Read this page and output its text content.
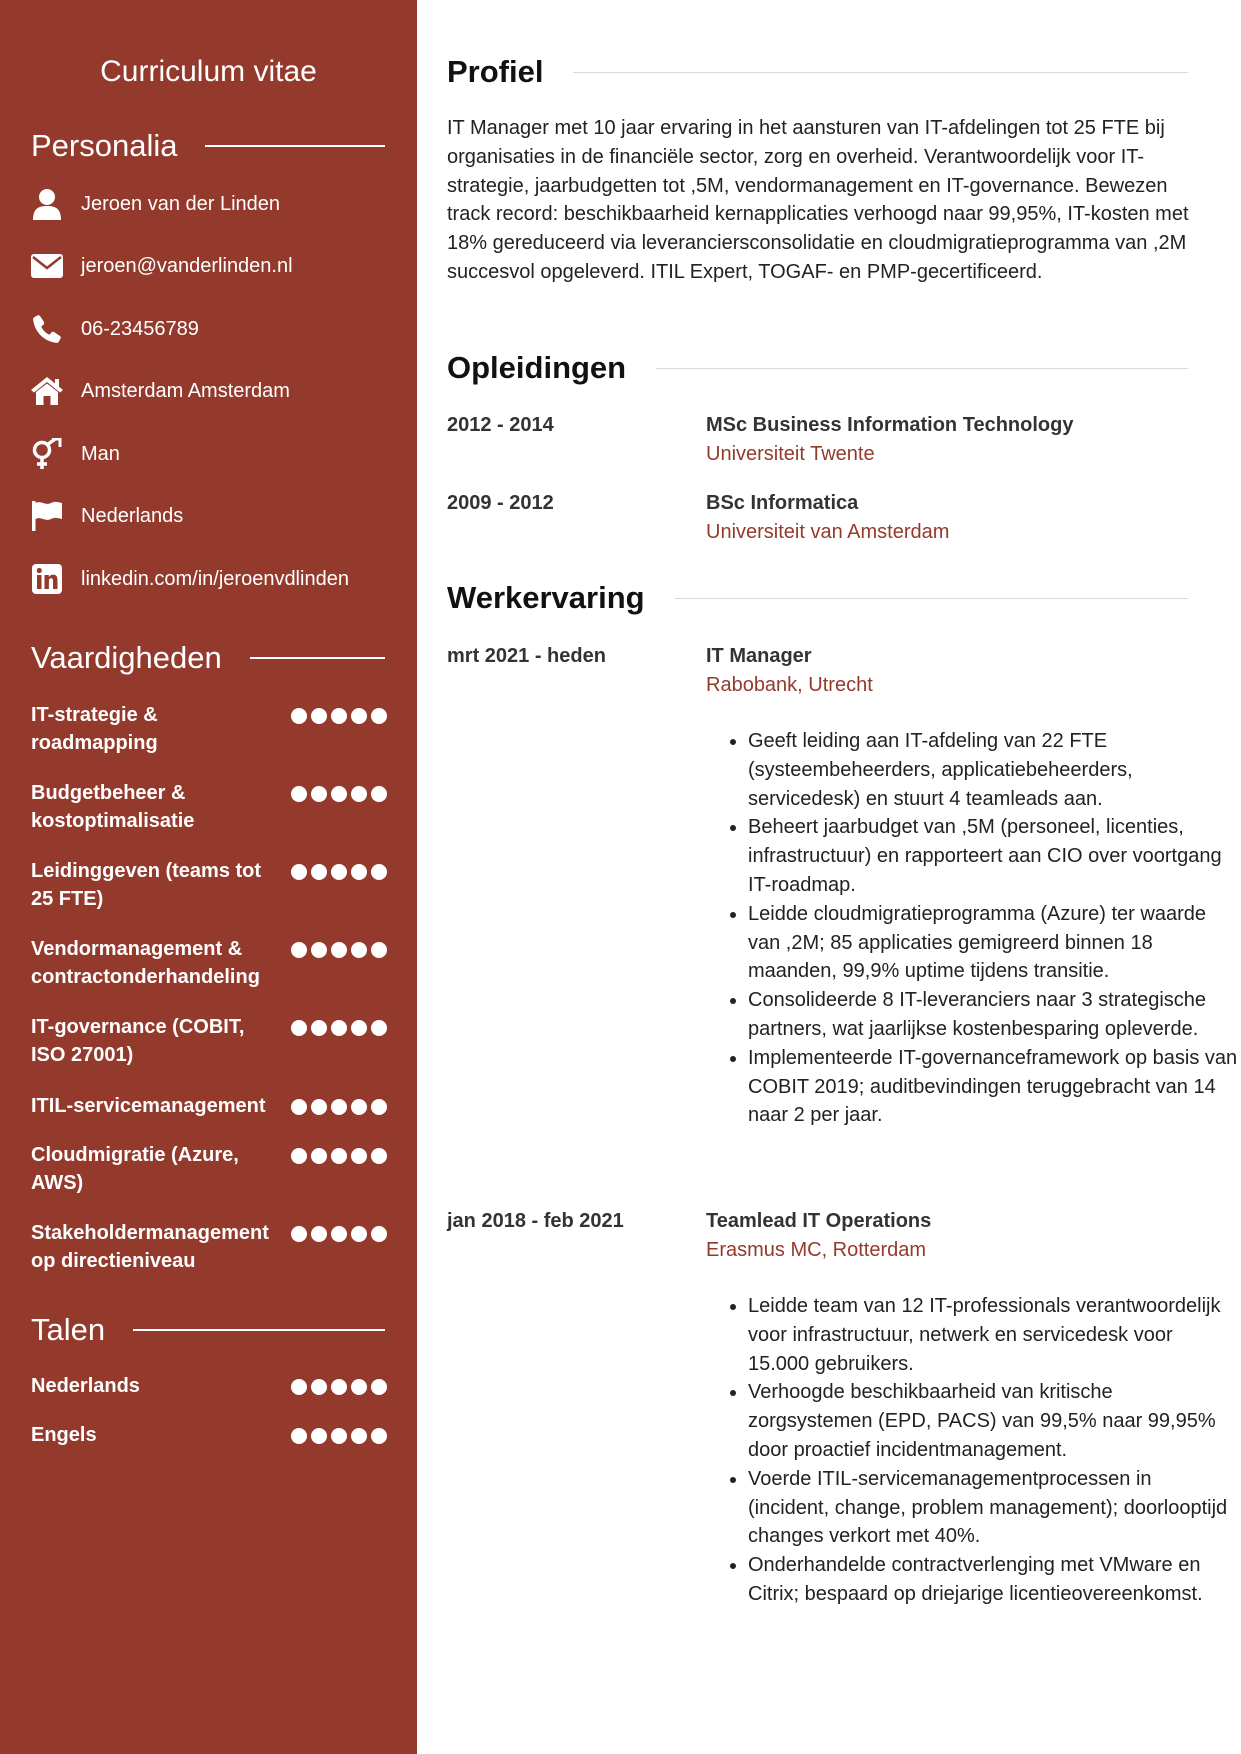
Curriculum vitae
Personalia
Jeroen van der Linden
jeroen@vanderlinden.nl
06-23456789
Amsterdam Amsterdam
Man
Nederlands
linkedin.com/in/jeroenvdlinden
Vaardigheden
IT-strategie & roadmapping
Budgetbeheer & kostoptimalisatie
Leidinggeven (teams tot 25 FTE)
Vendormanagement & contractonderhandeling
IT-governance (COBIT, ISO 27001)
ITIL-servicemanagement
Cloudmigratie (Azure, AWS)
Stakeholdermanagement op directieniveau
Talen
Nederlands
Engels
Profiel

IT Manager met 10 jaar ervaring in het aansturen van IT-afdelingen tot 25 FTE bij organisaties in de financiële sector, zorg en overheid. Verantwoordelijk voor IT-strategie, jaarbudgetten tot ,5M, vendormanagement en IT-governance. Bewezen track record: beschikbaarheid kernapplicaties verhoogd naar 99,95%, IT-kosten met 18% gereduceerd via leveranciersconsolidatie en cloudmigratieprogramma van ,2M succesvol opgeleverd. ITIL Expert, TOGAF- en PMP-gecertificeerd.

Opleidingen
2012 - 2014	MSc Business Information Technology
Universiteit Twente
2009 - 2012	BSc Informatica
Universiteit van Amsterdam
Werkervaring
mrt 2021 - heden	IT Manager
Rabobank, Utrecht
• Geeft leiding aan IT-afdeling van 22 FTE (systeembeheerders, applicatiebeheerders, servicedesk) en stuurt 4 teamleads aan.
• Beheert jaarbudget van ,5M (personeel, licenties, infrastructuur) en rapporteert aan CIO over voortgang IT-roadmap.
• Leidde cloudmigratieprogramma (Azure) ter waarde van ,2M; 85 applicaties gemigreerd binnen 18 maanden, 99,9% uptime tijdens transitie.
• Consolideerde 8 IT-leveranciers naar 3 strategische partners, wat jaarlijkse kostenbesparing opleverde.
• Implementeerde IT-governanceframework op basis van COBIT 2019; auditbevindingen teruggebracht van 14 naar 2 per jaar.
jan 2018 - feb 2021	Teamlead IT Operations
Erasmus MC, Rotterdam
• Leidde team van 12 IT-professionals verantwoordelijk voor infrastructuur, netwerk en servicedesk voor 15.000 gebruikers.
• Verhoogde beschikbaarheid van kritische zorgsystemen (EPD, PACS) van 99,5% naar 99,95% door proactief incidentmanagement.
• Voerde ITIL-servicemanagementprocessen in (incident, change, problem management); doorlooptijd changes verkort met 40%.
• Onderhandelde contractverlenging met VMware en Citrix; bespaard op driejarige licentieovereenkomst.
